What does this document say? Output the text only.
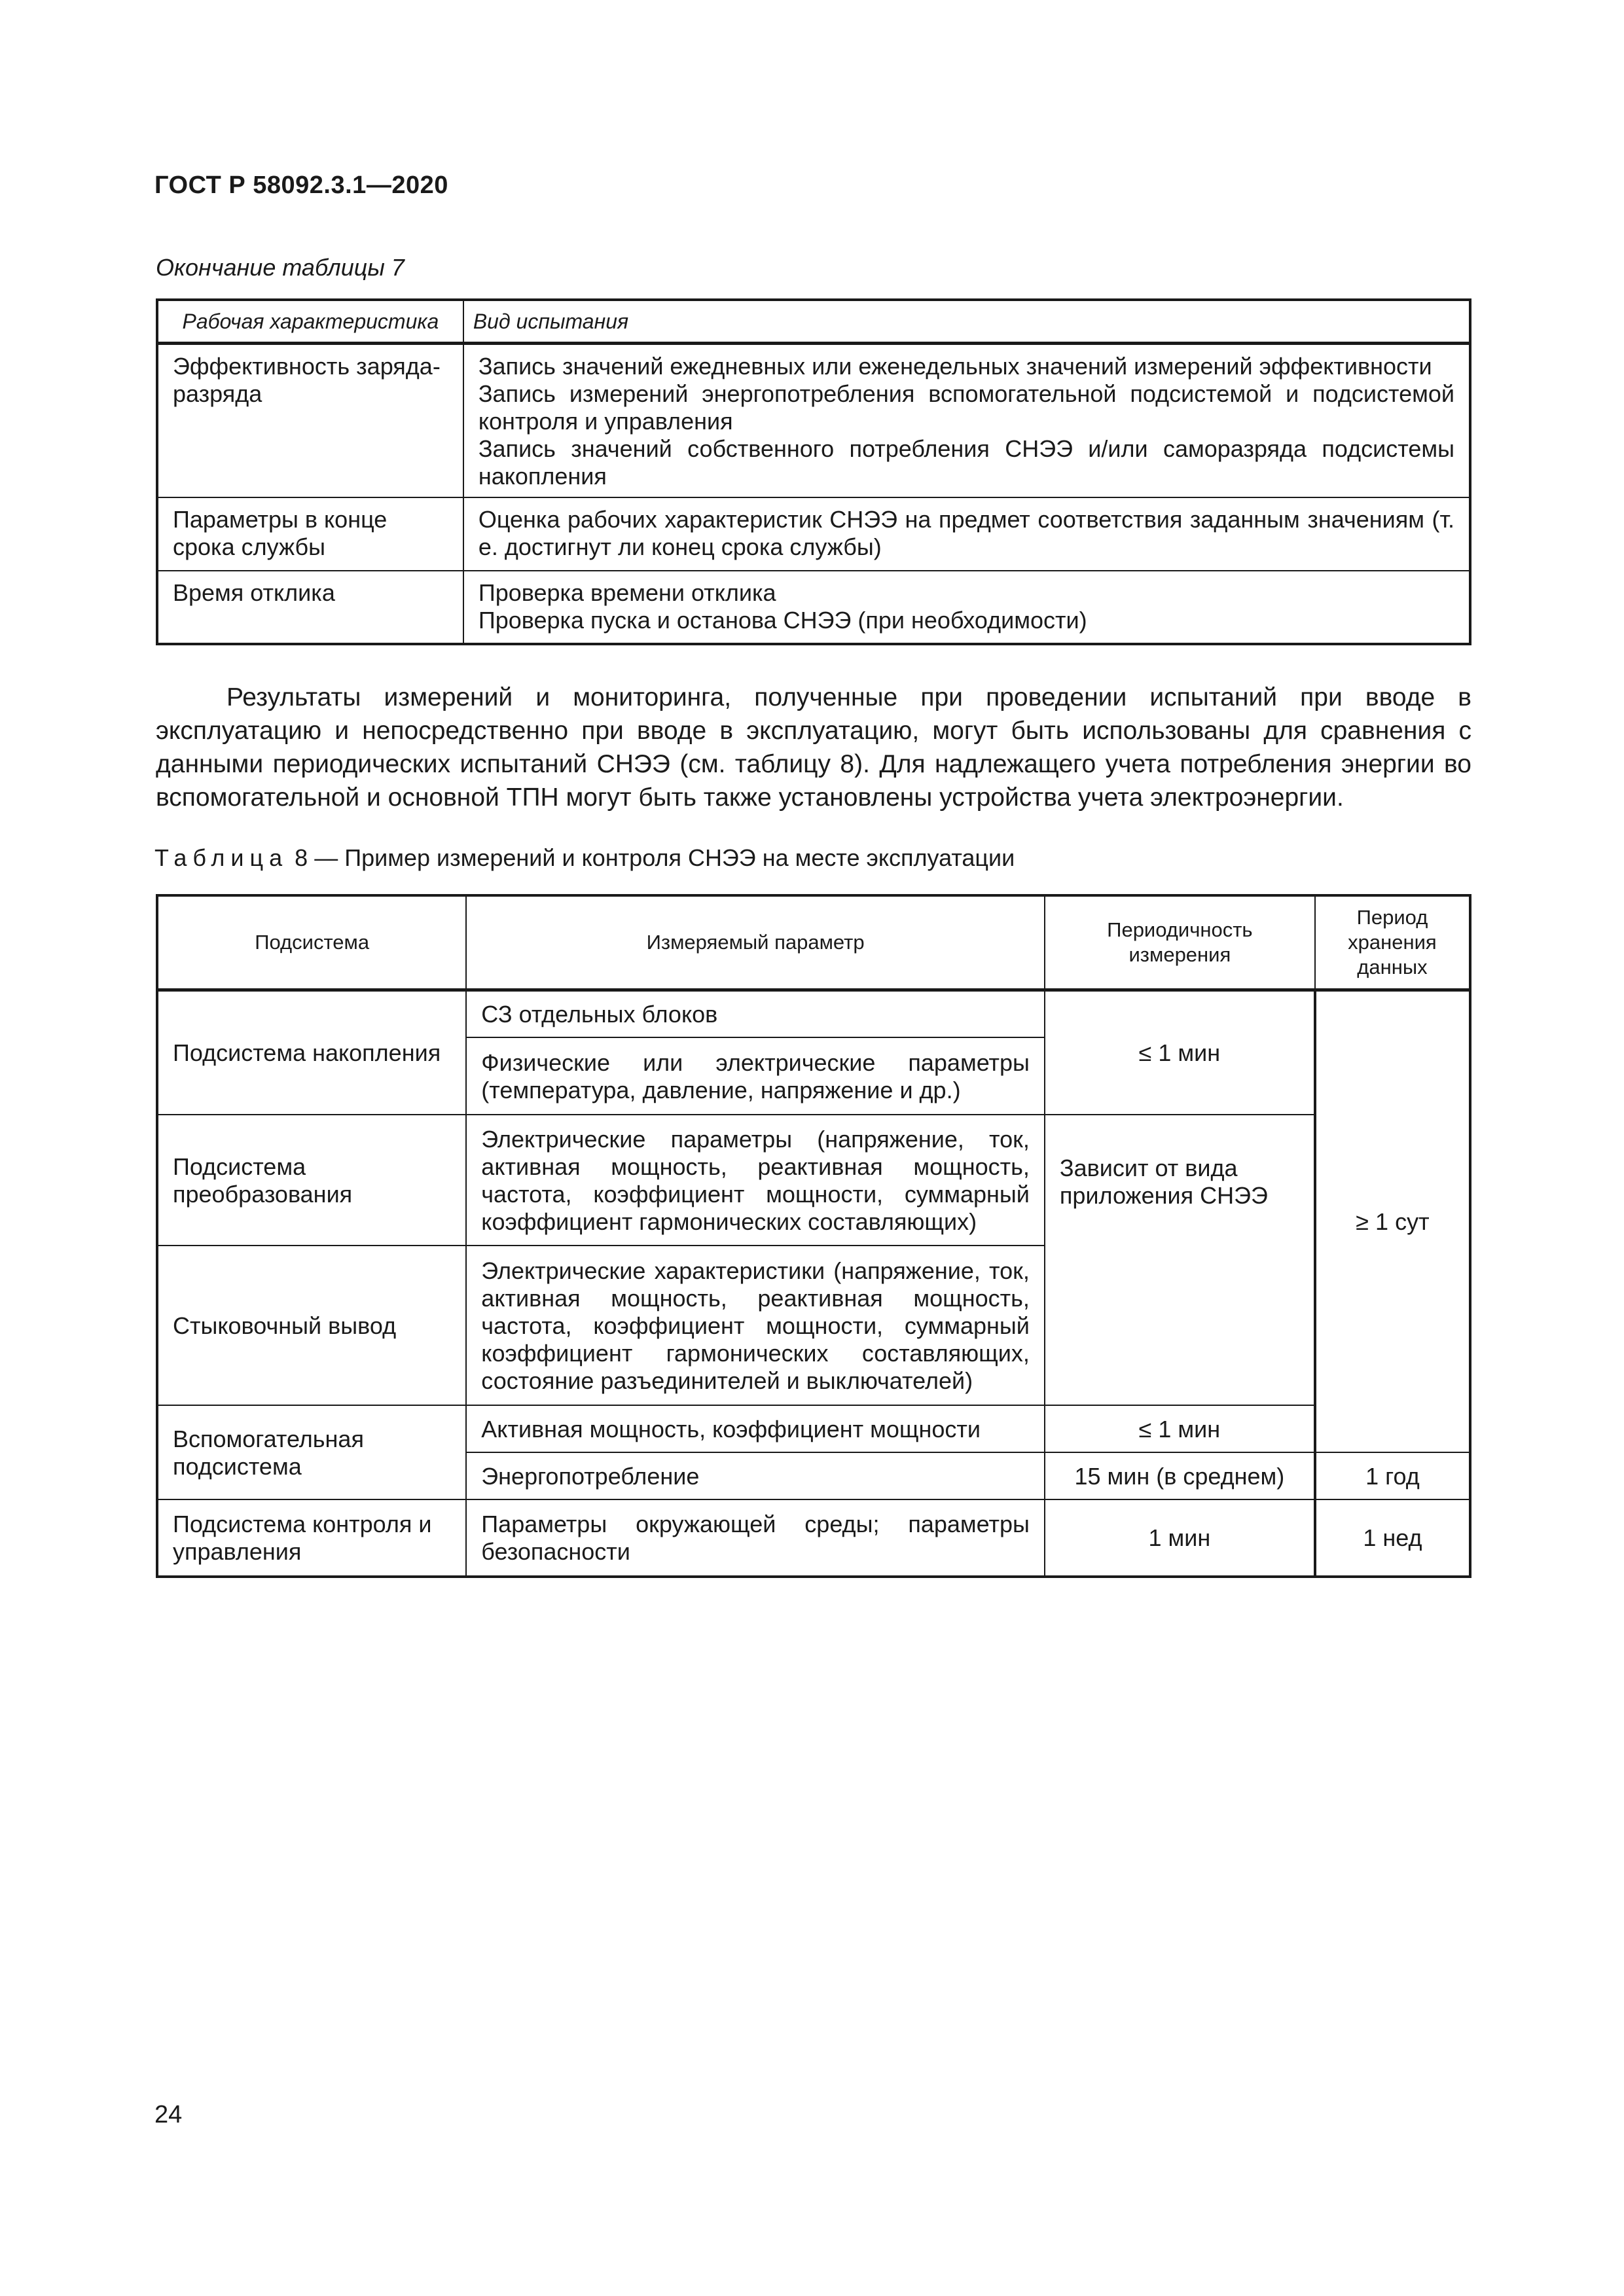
ГОСТ Р 58092.3.1—2020
Окончание таблицы 7
Рабочая характеристика	Вид испытания
Эффективность заряда-разряда	Запись значений ежедневных или еженедельных значений измерений эффективности
Запись измерений энергопотребления вспомогательной подсистемой и подсистемой контроля и управления
Запись значений собственного потребления СНЭЭ и/или саморазряда подсистемы накопления

Параметры в конце срока службы	Оценка рабочих характеристик СНЭЭ на предмет соответствия заданным значениям (т. е. достигнут ли конец срока службы)

Время отклика	Проверка времени отклика
Проверка пуска и останова СНЭЭ (при необходимости)

Результаты измерений и мониторинга, полученные при проведении испытаний при вводе в эксплуатацию и непосредственно при вводе в эксплуатацию, могут быть использованы для сравнения с данными периодических испытаний СНЭЭ (см. таблицу 8). Для надлежащего учета потребления энергии во вспомогательной и основной ТПН могут быть также установлены устройства учета электроэнергии.

Таблица 8 — Пример измерений и контроля СНЭЭ на месте эксплуатации
Подсистема	Измеряемый параметр	Периодичность измерения	Период хранения данных
Подсистема накопления	СЗ отдельных блоков	≤ 1 мин	≥ 1 сут
	Физические или электрические параметры (температура, давление, напряжение и др.)		
Подсистема преобразования	Электрические параметры (напряжение, ток, активная мощность, реактивная мощность, частота, коэффициент мощности, суммарный коэффициент гармонических составляющих)	Зависит от вида приложения СНЭЭ	
Стыковочный вывод	Электрические характеристики (напряжение, ток, активная мощность, реактивная мощность, частота, коэффициент мощности, суммарный коэффициент гармонических составляющих, состояние разъединителей и выключателей)		
Вспомогательная подсистема	Активная мощность, коэффициент мощности	≤ 1 мин	
	Энергопотребление	15 мин (в среднем)	1 год
Подсистема контроля и управления	Параметры окружающей среды; параметры безопасности	1 мин	1 нед
24
